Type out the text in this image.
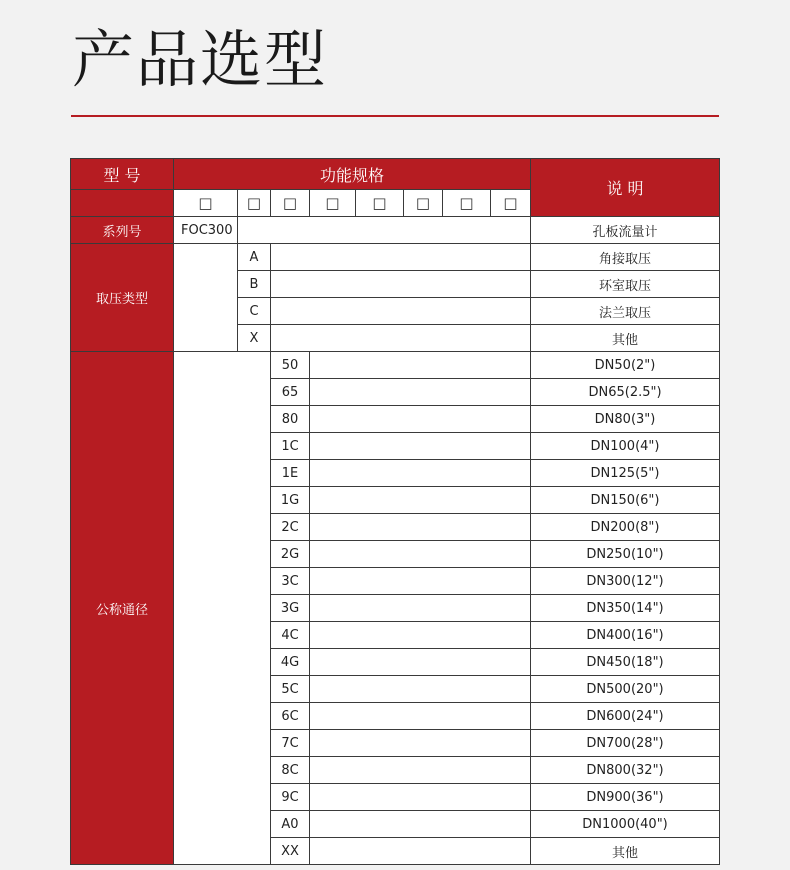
产品选型
型 号	功能规格								说 明
	□	□	□	□	□	□	□	□	
系列号	FOC300								孔板流量计
取压类型		A							角接取压
		B							环室取压
		C							法兰取压
		X							其他
公称通径			50						DN50(2")
			65						DN65(2.5")
			80						DN80(3")
			1C						DN100(4")
			1E						DN125(5")
			1G						DN150(6")
			2C						DN200(8")
			2G						DN250(10")
			3C						DN300(12")
			3G						DN350(14")
			4C						DN400(16")
			4G						DN450(18")
			5C						DN500(20")
			6C						DN600(24")
			7C						DN700(28")
			8C						DN800(32")
			9C						DN900(36")
			A0						DN1000(40")
			XX						其他
